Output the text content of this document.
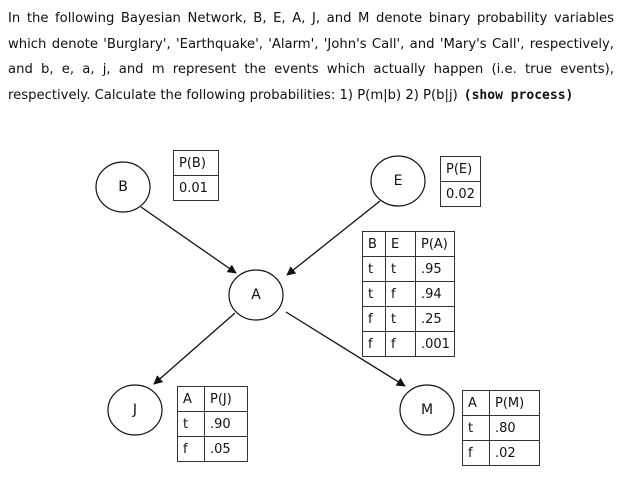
In the following Bayesian Network, B, E, A, J, and M denote binary probability variables
which denote 'Burglary', 'Earthquake', 'Alarm', 'John's Call', and 'Mary's Call', respectively,
and b, e, a, j, and m represent the events which actually happen (i.e. true events),
respectively. Calculate the following probabilities: 1) P(m|b) 2) P(b|j) (show process)
B	E
A
J	M
P(B)
0.01
P(E)
0.02
B	E	P(A)
t	t	.95
t	f	.94
f	t	.25
f	f	.001
A	P(J)
t	.90
f	.05
A	P(M)
t	.80
f	.02
